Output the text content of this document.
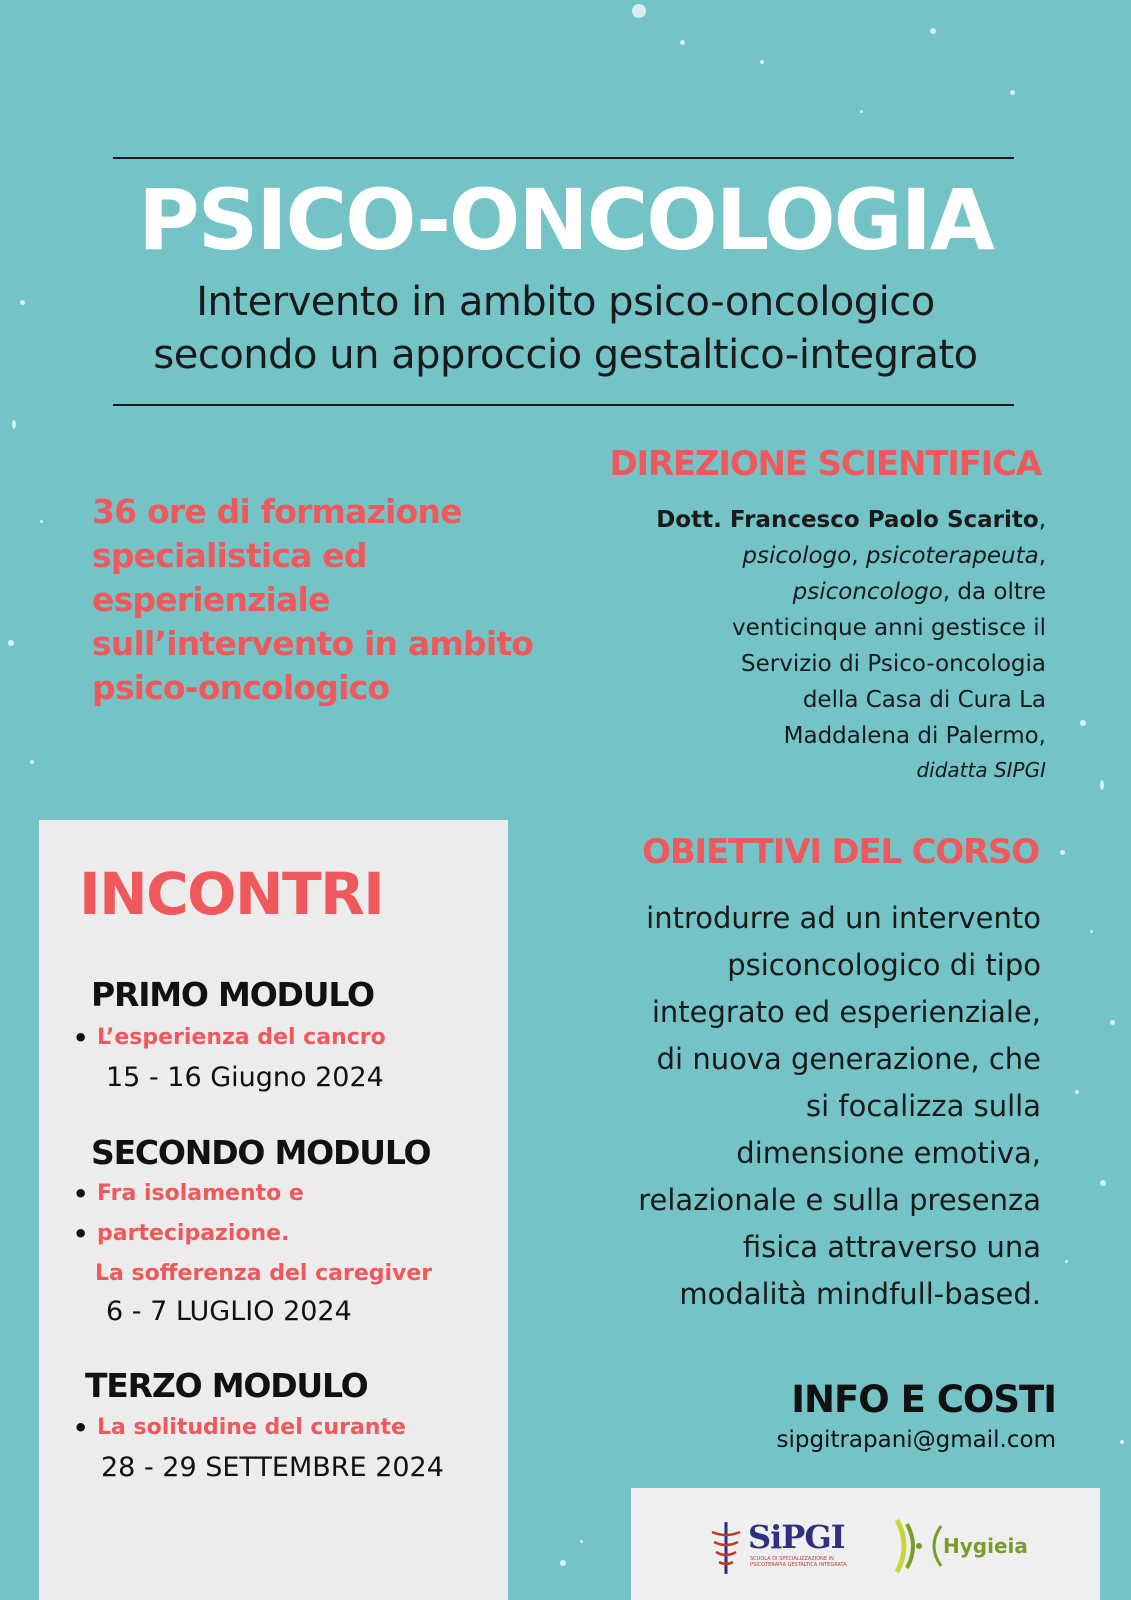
PSICO-ONCOLOGIA
Intervento in ambito psico-oncologico
secondo un approccio gestaltico-integrato
36 ore di formazione
specialistica ed
esperienziale
sull’intervento in ambito
psico-oncologico
DIREZIONE SCIENTIFICA
Dott. Francesco Paolo Scarito,
psicologo, psicoterapeuta,
psiconcologo, da oltre
venticinque anni gestisce il
Servizio di Psico-oncologia
della Casa di Cura La
Maddalena di Palermo,
didatta SIPGI
INCONTRI
PRIMO MODULO
• L’esperienza del cancro
15 - 16 Giugno 2024
SECONDO MODULO
• Fra isolamento e
• partecipazione.
La sofferenza del caregiver
6 - 7 LUGLIO 2024
TERZO MODULO
• La solitudine del curante
28 - 29 SETTEMBRE 2024
OBIETTIVI DEL CORSO
introdurre ad un intervento
psiconcologico di tipo
integrato ed esperienziale,
di nuova generazione, che
si focalizza sulla
dimensione emotiva,
relazionale e sulla presenza
fisica attraverso una
modalità mindfull-based.
INFO E COSTI
sipgitrapani@gmail.com
SiPGI
SCUOLA DI SPECIALIZZAZIONE IN PSICOTERAPIA GESTALTICA INTEGRATA
Hygieia
